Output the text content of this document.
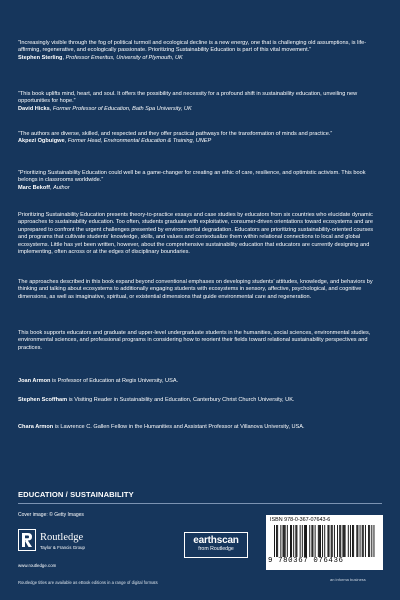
“Increasingly visible through the fog of political turmoil and ecological decline is a new energy, one that is challenging old assumptions, is life-affirming, regenerative, and ecologically passionate. Prioritizing Sustainability Education is part of this vital movement.”

Stephen Sterling, Professor Emeritus, University of Plymouth, UK

“This book uplifts mind, heart, and soul. It offers the possibility and necessity for a profound shift in sustainability education, unveiling new opportunities for hope.”

David Hicks, Former Professor of Education, Bath Spa University, UK

“The authors are diverse, skilled, and respected and they offer practical pathways for the transformation of minds and practice.”

Akpezi Ogbuigwe, Former Head, Environmental Education & Training, UNEP

“Prioritizing Sustainability Education could well be a game-changer for creating an ethic of care, resilience, and optimistic activism. This book belongs in classrooms worldwide.”

Marc Bekoff, Author

Prioritizing Sustainability Education presents theory-to-practice essays and case studies by educators from six countries who elucidate dynamic approaches to sustainability education. Too often, students graduate with exploitative, consumer-driven orientations toward ecosystems and are unprepared to confront the urgent challenges presented by environmental degradation. Educators are prioritizing sustainability-oriented courses and programs that cultivate students’ knowledge, skills, and values and contextualize them within relational connections to local and global ecosystems. Little has yet been written, however, about the comprehensive sustainability education that educators are currently designing and implementing, often across or at the edges of disciplinary boundaries.

The approaches described in this book expand beyond conventional emphases on developing students’ attitudes, knowledge, and behaviors by thinking and talking about ecosystems to additionally engaging students with ecosystems in sensory, affective, psychological, and cognitive dimensions, as well as imaginative, spiritual, or existential dimensions that guide environmental care and regeneration.

This book supports educators and graduate and upper-level undergraduate students in the humanities, social sciences, environmental studies, environmental sciences, and professional programs in considering how to reorient their fields toward relational sustainability perspectives and practices.

Joan Armon is Professor of Education at Regis University, USA.

Stephen Scoffham is Visiting Reader in Sustainability and Education, Canterbury Christ Church University, UK.

Chara Armon is Lawrence C. Gallen Fellow in the Humanities and Assistant Professor at Villanova University, USA.

EDUCATION / SUSTAINABILITY
Cover image: © Getty Images
Routledge
Taylor & Francis Group
www.routledge.com
earthscan
from Routledge
ISBN 978-0-367-07643-6
9 780367 076436
an informa business
Routledge titles are available as eBook editions in a range of digital formats
